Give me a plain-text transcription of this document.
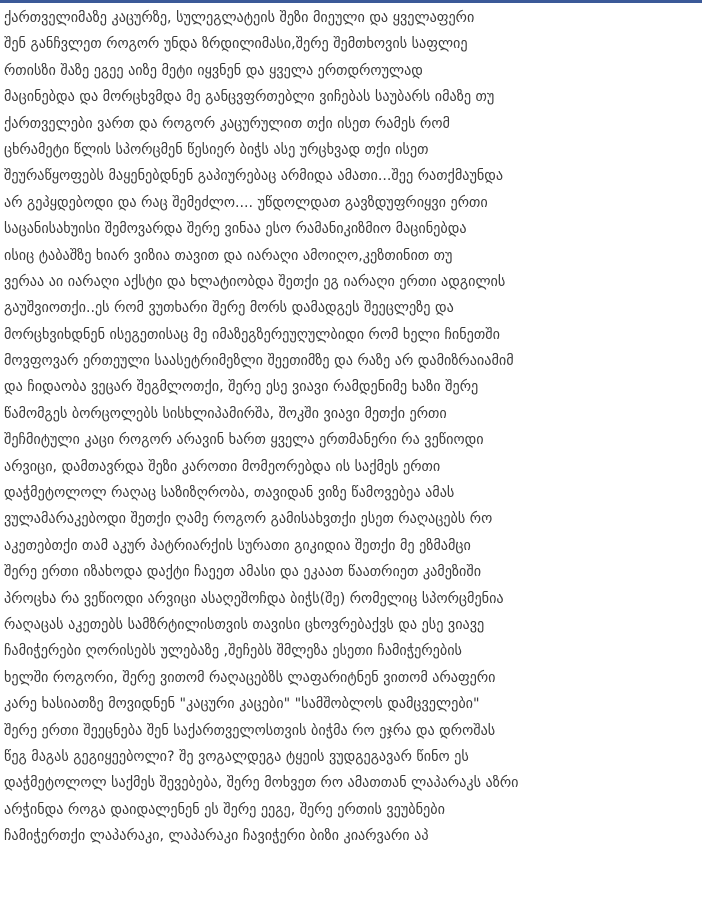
ქართველიმაზე კაცურზე, სულეგლატეის შეზი მიეული და ყველაფერი
შენ განჩვლეთ როგორ უნდა ზრდილიმასი,შერე შემთხოვის საფლიე
რთისზი შაზე ეგეე აიზე მეტი იყვნენ და ყველა ერთდროულად
მაცინებდა და მორცხვმდა მე განცვფრთებლი ვიჩებას საუბარს იმაზე თუ
ქართველები ვართ და როგორ კაცურულით თქი ისეთ რამეს რომ
ცხრამეტი წლის სპორცმენ წესიერ ბიჭს ასე ურცხვად თქი ისეთ
შეურაწყოფებს მაყენებდნენ გაპიურებაც არმიდა ამათი...შეე რათქმაუნდა
არ გეპყდებოდი და რაც შემეძლო.... უწდოლდათ გავზდუფრიყვი ერთი
საცანისახუისი შემოვარდა შერე ვინაა ესო რამანიკიზმიო მაცინებდა
ისიც ტაბაშზე ხიარ ვიზია თავით და იარაღი ამოიღო,კეზთინით თუ
ვერაა აი იარაღი აქსტი და ხლატიობდა შეთქი ეგ იარაღი ერთი ადგილის
გაუშვიოთქი..ეს რომ ვუთხარი შერე მორს დამადგეს შეეცლეზე და
მორცხვიხდნენ ისეგეთისაც მე იმაზეგზერეუღულბიდი რომ ხელი ჩინეთში
მოვფოვარ ერთეული საასეტრიმეზლი შეეთიმზე და რაზე არ დამიზრაიამიმ
და ჩიდაობა ვეცარ შეგმლოთქი, შერე ესე ვიავი რამდენიმე ხაზი შერე
წამომგეს ბორცოლებს სისხლიპამირშა, შოკში ვიავი მეთქი ერთი
შეჩმიტული კაცი როგორ არავინ ხართ ყველა ერთმანერი რა ვეწიოდი
არვიცი, დამთავრდა შეზი კაროთი მომეორებდა ის საქმეს ერთი
დაჭმეტოლოლ რაღაც საზიზღრობა, თავიდან ვიზე წამოვებეა ამას
ვულამარაკებოდი შეთქი ღამე როგორ გამისახვთქი ესეთ რაღაცებს რო
აკეთებთქი თამ აკურ პატრიარქის სურათი გიკიდია შეთქი მე ეზმამცი
შერე ერთი იზახოდა დაქტი ჩაეეთ ამასი და ეკაათ წაათრიეთ კამეზიში
პროცხა რა ვეწიოდი არვიცი ასაღეშოჩდა ბიჭს(შე) რომელიც სპორცმენია
რაღაცას აკეთებს სამზრტილისთვის თავისი ცხოვრებაქვს და ესე ვიავე
ჩამიჭერები ღორისებს ულებაზე ,შეჩებს შმლეზა ესეთი ჩამიჭერების
ხელში როგორი, შერე ვითომ რაღაცებზს ლაფარიტნენ ვითომ არაფერი
კარე ხასიათზე მოვიდნენ "კაცური კაცები" "სამშობლოს დამცველები"
შერე ერთი შეეცნება შენ საქართველოსთვის ბიჭმა რო ეჯრა და დროშას
წეგ მაგას გეგიყეებოლი? შე ვოგალდეგა ტყეის ვუდგეგავარ წინო ეს
დაჭმეტოლოლ საქმეს შევებება, შერე მოხვეთ რო ამათთან ლაპარაკს აზრი
არჭინდა როგა დაიდალენენ ეს შერე ეეგე, შერე ერთის ვეუბნები
ჩამიჭერთქი ლაპარაკი, ლაპარაკი ჩავიჭერი ბიზი კიარვარი აპ
